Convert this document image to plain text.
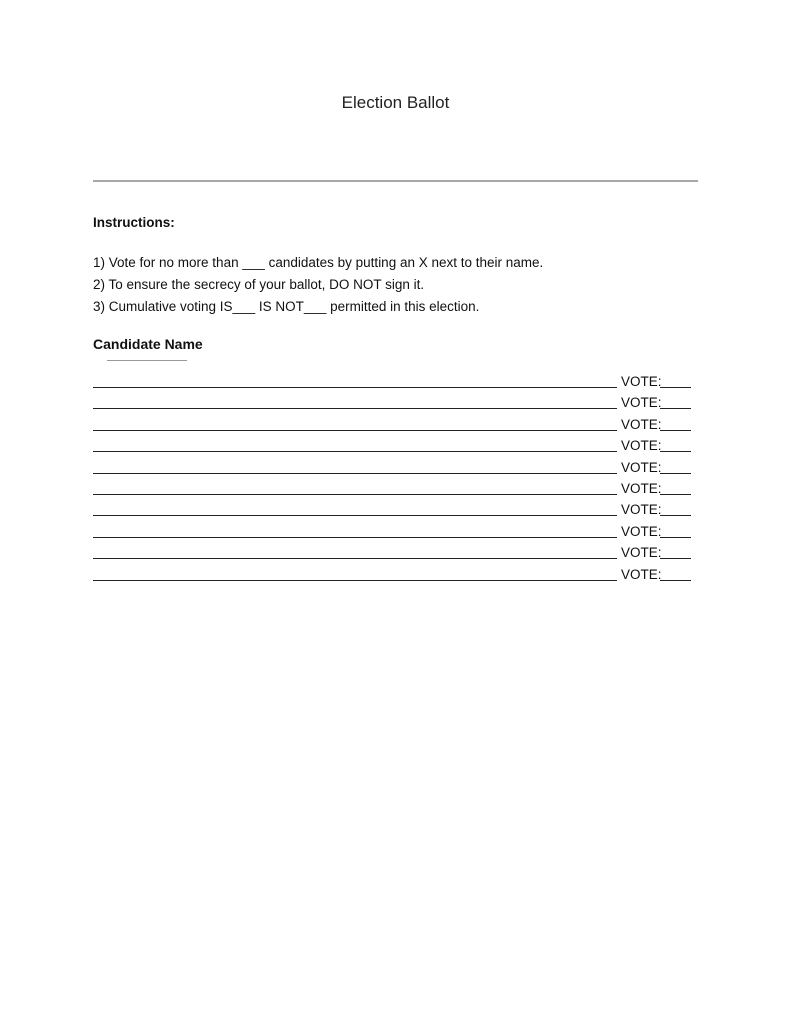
Election Ballot
Instructions:
1) Vote for no more than ___ candidates by putting an X next to their name.
2) To ensure the secrecy of your ballot, DO NOT sign it.
3) Cumulative voting IS___ IS NOT___ permitted in this election.
Candidate Name
VOTE:
VOTE:
VOTE:
VOTE:
VOTE:
VOTE:
VOTE:
VOTE:
VOTE:
VOTE:
